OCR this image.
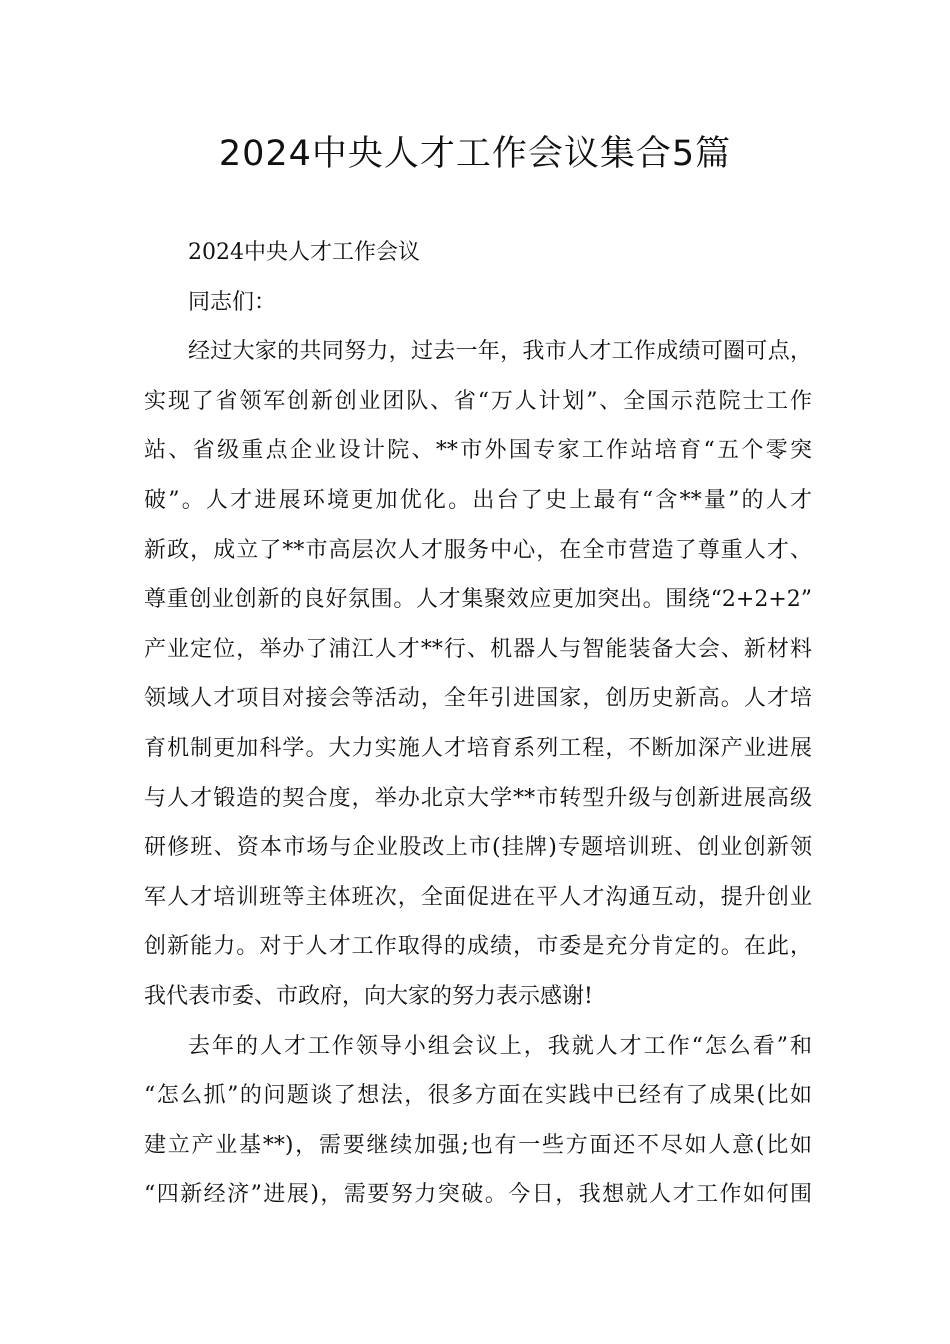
2024中央人才工作会议集合5篇
2024中央人才工作会议
同志们：
经过大家的共同努力，过去一年，我市人才工作成绩可圈可点，
实现了省领军创新创业团队、省“万人计划”、全国示范院士工作
站、省级重点企业设计院、**市外国专家工作站培育“五个零突
破”。人才进展环境更加优化。出台了史上最有“含**量”的人才
新政，成立了**市高层次人才服务中心，在全市营造了尊重人才、
尊重创业创新的良好氛围。人才集聚效应更加突出。围绕“2+2+2”
产业定位，举办了浦江人才**行、机器人与智能装备大会、新材料
领域人才项目对接会等活动，全年引进国家，创历史新高。人才培
育机制更加科学。大力实施人才培育系列工程，不断加深产业进展
与人才锻造的契合度，举办北京大学**市转型升级与创新进展高级
研修班、资本市场与企业股改上市(挂牌)专题培训班、创业创新领
军人才培训班等主体班次，全面促进在平人才沟通互动，提升创业
创新能力。对于人才工作取得的成绩，市委是充分肯定的。在此，
我代表市委、市政府，向大家的努力表示感谢!
去年的人才工作领导小组会议上，我就人才工作“怎么看”和
“怎么抓”的问题谈了想法，很多方面在实践中已经有了成果(比如
建立产业基**)，需要继续加强;也有一些方面还不尽如人意(比如
“四新经济”进展)，需要努力突破。今日，我想就人才工作如何围
